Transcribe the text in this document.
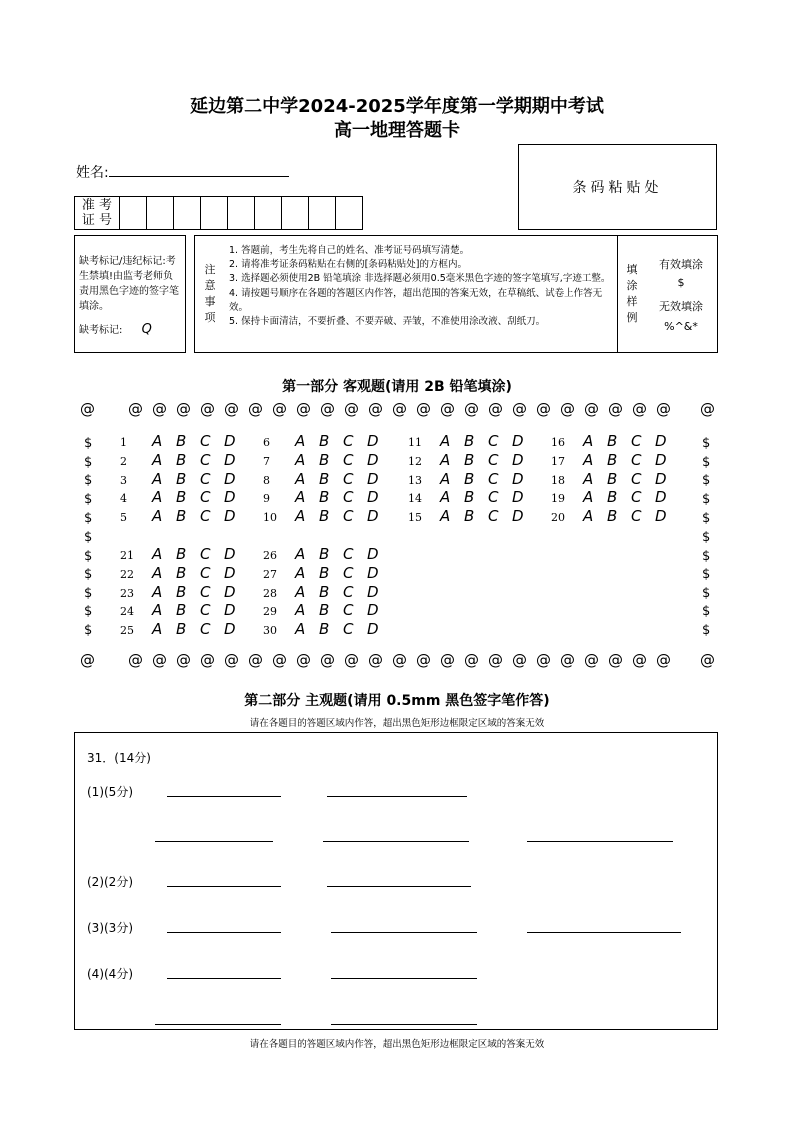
延边第二中学2024-2025学年度第一学期期中考试
高一地理答题卡
条码粘贴处
姓名:
准 考
证 号

缺考标记/违纪标记:考生禁填!由监考老师负责用黑色字迹的签字笔填涂。
缺考标记: Q
注意事项
1. 答题前，考生先将自己的姓名、准考证号码填写清楚。
2. 请将准考证条码粘贴在右侧的[条码粘贴处]的方框内。
3. 选择题必须使用2B 铅笔填涂 非选择题必须用0.5毫米黑色字迹的签字笔填写,字迹工整。
4. 请按题号顺序在各题的答题区内作答，超出范围的答案无效，在草稿纸、试卷上作答无效。
5. 保持卡面清洁，不要折叠、不要弄破、弄皱，不准使用涂改液、刮纸刀。
填涂样例
有效填涂
$
无效填涂
%^&*
第一部分 客观题(请用 2B 铅笔填涂)
@ @ @ @ @ @ @ @ @ @ @ @ @ @ @ @ @ @ @ @ @ @ @ @ @
@ @ @ @ @ @ @ @ @ @ @ @ @ @ @ @ @ @ @ @ @ @ @ @ @
$	$
$	$
$	$
$	$
$	$
$	$
$	$
$	$
$	$
$	$
$	$
1	A B C D 6	A B C D	11	A B C D 16	A B C D
2	A B C D 7	A B C D	12	A B C D 17	A B C D
3	A B C D 8	A B C D	13	A B C D 18	A B C D
4	A B C D 9	A B C D	14	A B C D 19	A B C D
5	A B C D 10	A B C D	15	A B C D 20	A B C D
21	A B C D 26	A B C D
22	A B C D 27	A B C D
23	A B C D 28	A B C D
24	A B C D 29	A B C D
25	A B C D 30	A B C D
第二部分 主观题(请用 0.5mm 黑色签字笔作答)
请在各题目的答题区域内作答，超出黑色矩形边框限定区域的答案无效
31．(14分)
(1)(5分)
(2)(2分)
(3)(3分)
(4)(4分)
请在各题目的答题区域内作答，超出黑色矩形边框限定区域的答案无效
